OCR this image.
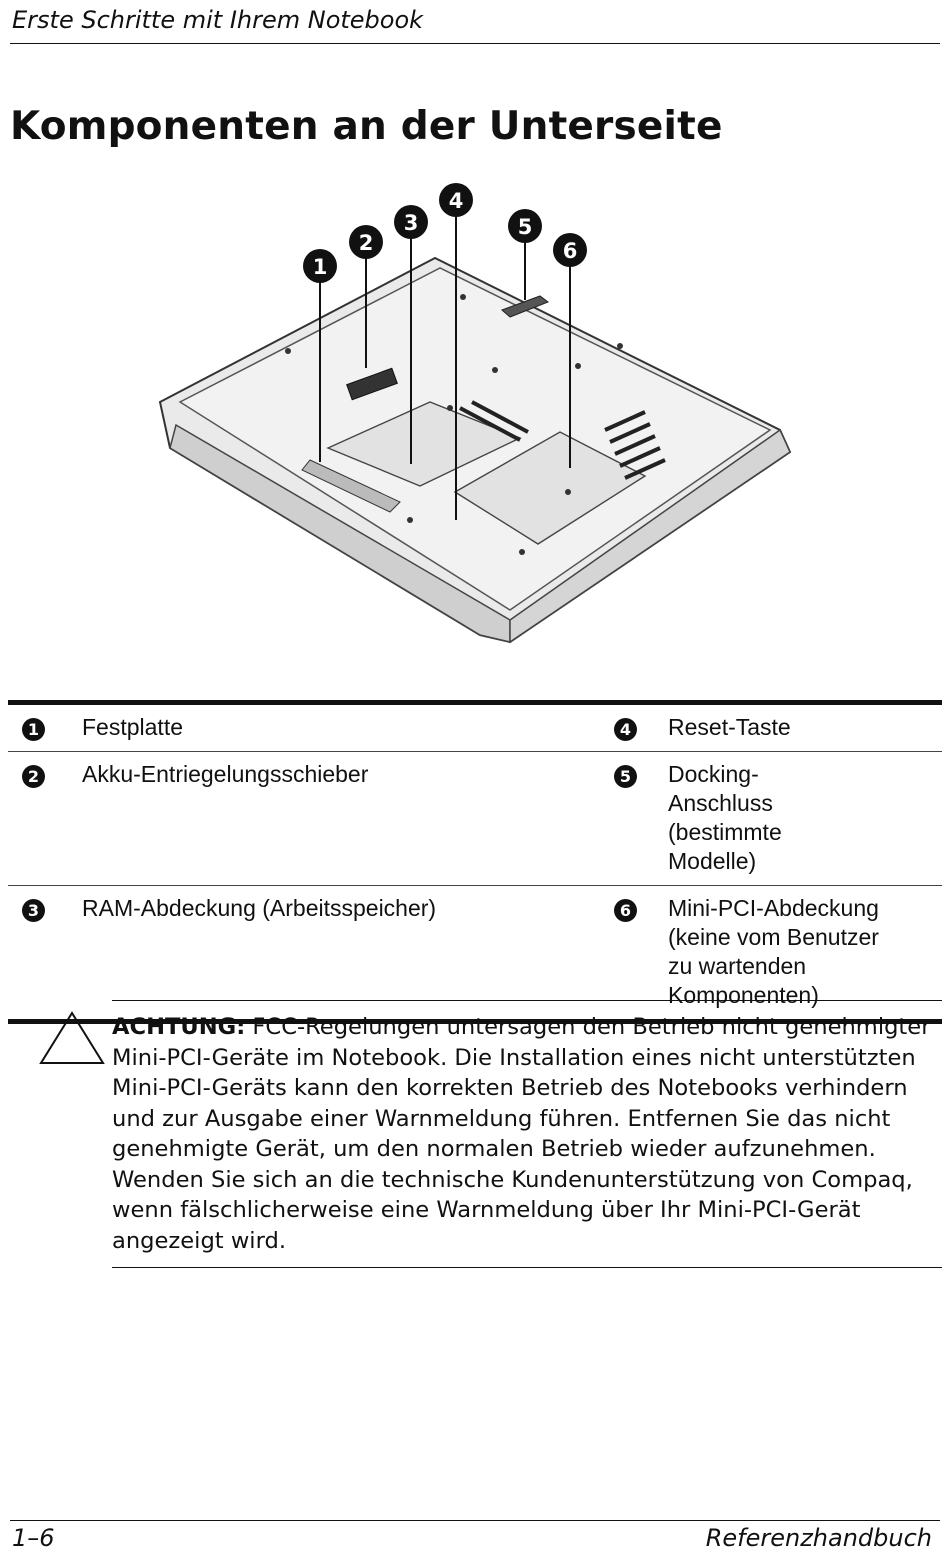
Erste Schritte mit Ihrem Notebook
Komponenten an der Unterseite
1
2
3
4
5
6
1	Festplatte	4	Reset-Taste
2	Akku-Entriegelungsschieber	5	Docking-Anschluss (bestimmte Modelle)
3	RAM-Abdeckung (Arbeitsspeicher)	6	Mini-PCI-Abdeckung (keine vom Benutzer zu wartenden Komponenten)

ACHTUNG: FCC-Regelungen untersagen den Betrieb nicht genehmigter Mini-PCI-Geräte im Notebook. Die Installation eines nicht unterstützten Mini-PCI-Geräts kann den korrekten Betrieb des Notebooks verhindern und zur Ausgabe einer Warnmeldung führen. Entfernen Sie das nicht genehmigte Gerät, um den normalen Betrieb wieder aufzunehmen. Wenden Sie sich an die technische Kundenunterstützung von Compaq, wenn fälschlicherweise eine Warnmeldung über Ihr Mini-PCI-Gerät angezeigt wird.

1–6	Referenzhandbuch
